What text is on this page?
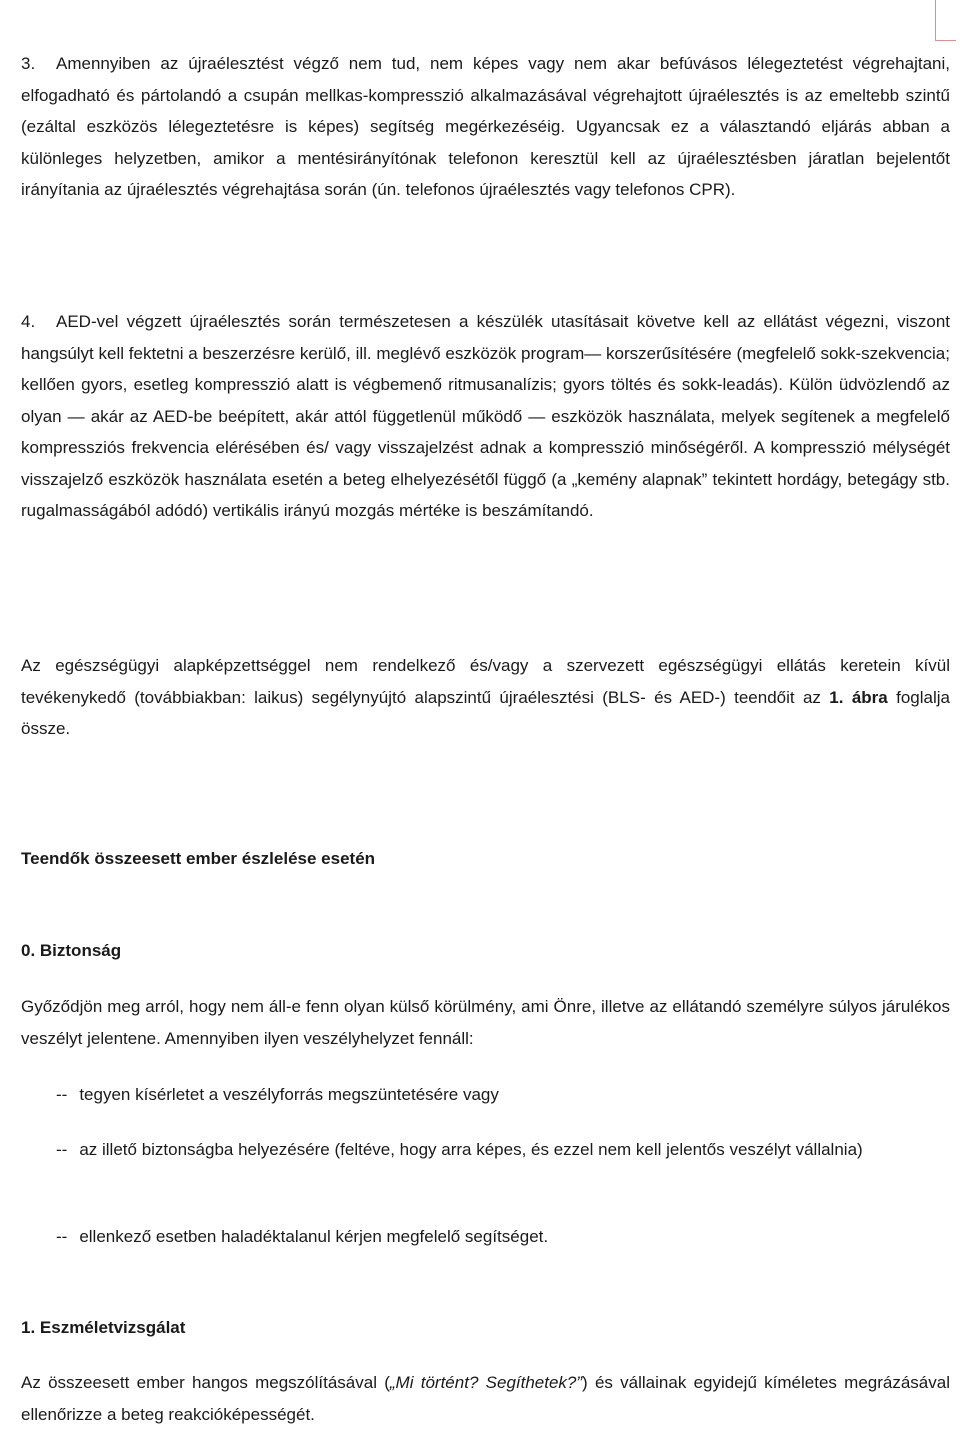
3. Amennyiben az újraélesztést végző nem tud, nem képes vagy nem akar befúvásos lélegeztetést végrehajtani, elfogadható és pártolandó a csupán mellkas-kompresszió alkalmazásával végrehajtott újraélesztés is az emeltebb szintű (ezáltal eszközös lélegeztetésre is képes) segítség megérkezéséig. Ugyancsak ez a választandó eljárás abban a különleges helyzetben, amikor a mentésirányítónak telefonon keresztül kell az újraélesztésben járatlan bejelentőt irányítania az újraélesztés végrehajtása során (ún. telefonos újraélesztés vagy telefonos CPR).

4. AED-vel végzett újraélesztés során természetesen a készülék utasításait követve kell az ellátást végezni, viszont hangsúlyt kell fektetni a beszerzésre kerülő, ill. meglévő eszközök program— korszerűsítésére (megfelelő sokk-szekvencia; kellően gyors, esetleg kompresszió alatt is végbemenő ritmusanalízis; gyors töltés és sokk-leadás). Külön üdvözlendő az olyan — akár az AED-be beépített, akár attól függetlenül működő — eszközök használata, melyek segítenek a megfelelő kompressziós frekvencia elérésében és/ vagy visszajelzést adnak a kompresszió minőségéről. A kompresszió mélységét visszajelző eszközök használata esetén a beteg elhelyezésétől függő (a „kemény alapnak” tekintett hordágy, betegágy stb. rugalmasságából adódó) vertikális irányú mozgás mértéke is beszámítandó.

Az egészségügyi alapképzettséggel nem rendelkező és/vagy a szervezett egészségügyi ellátás keretein kívül tevékenykedő (továbbiakban: laikus) segélynyújtó alapszintű újraélesztési (BLS- és AED-) teendőit az 1. ábra foglalja össze.

Teendők összeesett ember észlelése esetén

0. Biztonság

Győződjön meg arról, hogy nem áll-e fenn olyan külső körülmény, ami Önre, illetve az ellátandó személyre súlyos járulékos veszélyt jelentene. Amennyiben ilyen veszélyhelyzet fennáll:

-- tegyen kísérletet a veszélyforrás megszüntetésére vagy

-- az illető biztonságba helyezésére (feltéve, hogy arra képes, és ezzel nem kell jelentős veszélyt vállalnia)

-- ellenkező esetben haladéktalanul kérjen megfelelő segítséget.

1. Eszméletvizsgálat

Az összeesett ember hangos megszólításával („Mi történt? Segíthetek?”) és vállainak egyidejű kíméletes megrázásával ellenőrizze a beteg reakcióképességét.
